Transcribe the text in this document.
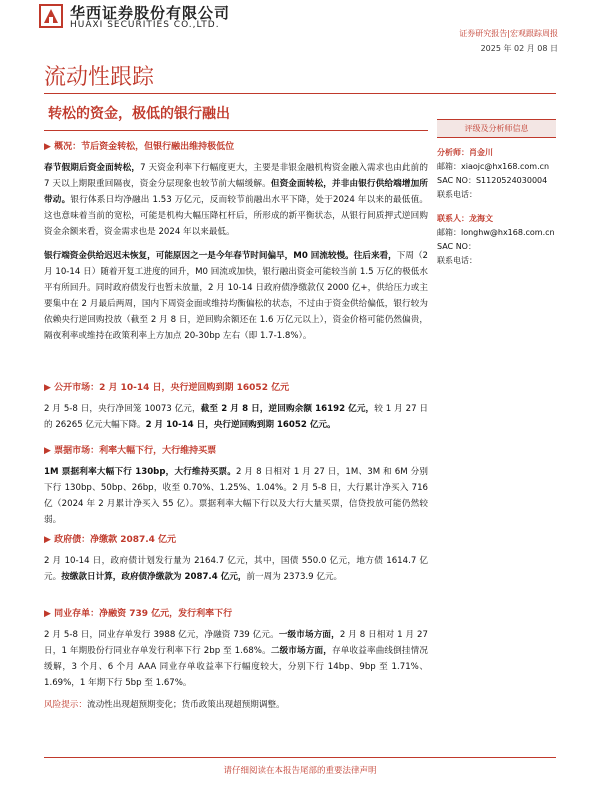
华西证券股份有限公司
HUAXI SECURITIES CO.,LTD.
证券研究报告|宏观跟踪周报
2025 年 02 月 08 日
流动性跟踪
转松的资金，极低的银行融出
评级及分析师信息
分析师：肖金川
邮箱：xiaojc@hx168.com.cn
SAC NO：S1120524030004
联系电话：
联系人：龙海文
邮箱：longhw@hx168.com.cn
SAC NO：
联系电话：
▶ 概况：节后资金转松，但银行融出维持极低位
春节假期后资金面转松，7 天资金利率下行幅度更大，主要是非银金融机构资金融入需求也由此前的 7 天以上期限重回隔夜，资金分层现象也较节前大幅缓解。但资金面转松，并非由银行供给端增加所带动。银行体系日均净融出 1.53 万亿元，反而较节前融出水平下降，处于2024 年以来的最低值。这也意味着当前的宽松，可能是机构大幅压降杠杆后，所形成的新平衡状态，从银行间质押式逆回购资金余额来看，资金需求也是 2024 年以来最低。
银行端资金供给迟迟未恢复，可能原因之一是今年春节时间偏早，M0 回流较慢。往后来看，下周（2 月 10-14 日）随着开复工进度的回升，M0 回流或加快，银行融出资金可能较当前 1.5 万亿的极低水平有所回升。同时政府债发行也暂未放量，2 月 10-14 日政府债净缴款仅 2000 亿+，供给压力或主要集中在 2 月最后两周，国内下周资金面或维持均衡偏松的状态，不过由于资金供给偏低，银行较为依赖央行逆回购投放（截至 2 月 8 日，逆回购余额还在 1.6 万亿元以上），资金价格可能仍然偏贵，隔夜利率或维持在政策利率上方加点 20-30bp 左右（即 1.7-1.8%）。
▶ 公开市场：2 月 10-14 日，央行逆回购到期 16052 亿元
2 月 5-8 日，央行净回笼 10073 亿元，截至 2 月 8 日，逆回购余额 16192 亿元，较 1 月 27 日的 26265 亿元大幅下降。2 月 10-14 日，央行逆回购到期 16052 亿元。
▶ 票据市场：利率大幅下行，大行维持买票
1M 票据利率大幅下行 130bp，大行维持买票。2 月 8 日相对 1 月 27 日，1M、3M 和 6M 分别下行 130bp、50bp、26bp，收至 0.70%、1.25%、1.04%。2 月 5-8 日，大行累计净买入 716 亿（2024 年 2 月累计净买入 55 亿）。票据利率大幅下行以及大行大量买票，信贷投放可能仍然较弱。
▶ 政府债：净缴款 2087.4 亿元
2 月 10-14 日，政府债计划发行量为 2164.7 亿元，其中，国债 550.0 亿元，地方债 1614.7 亿元。按缴款日计算，政府债净缴款为 2087.4 亿元，前一周为 2373.9 亿元。
▶ 同业存单：净融资 739 亿元，发行利率下行
2 月 5-8 日，同业存单发行 3988 亿元，净融资 739 亿元。一级市场方面，2 月 8 日相对 1 月 27 日，1 年期股份行同业存单发行利率下行 2bp 至 1.68%。二级市场方面，存单收益率曲线倒挂情况缓解，3 个月、6 个月 AAA 同业存单收益率下行幅度较大，分别下行 14bp、9bp 至 1.71%、1.69%，1 年期下行 5bp 至 1.67%。
风险提示：流动性出现超预期变化；货币政策出现超预期调整。
请仔细阅读在本报告尾部的重要法律声明
